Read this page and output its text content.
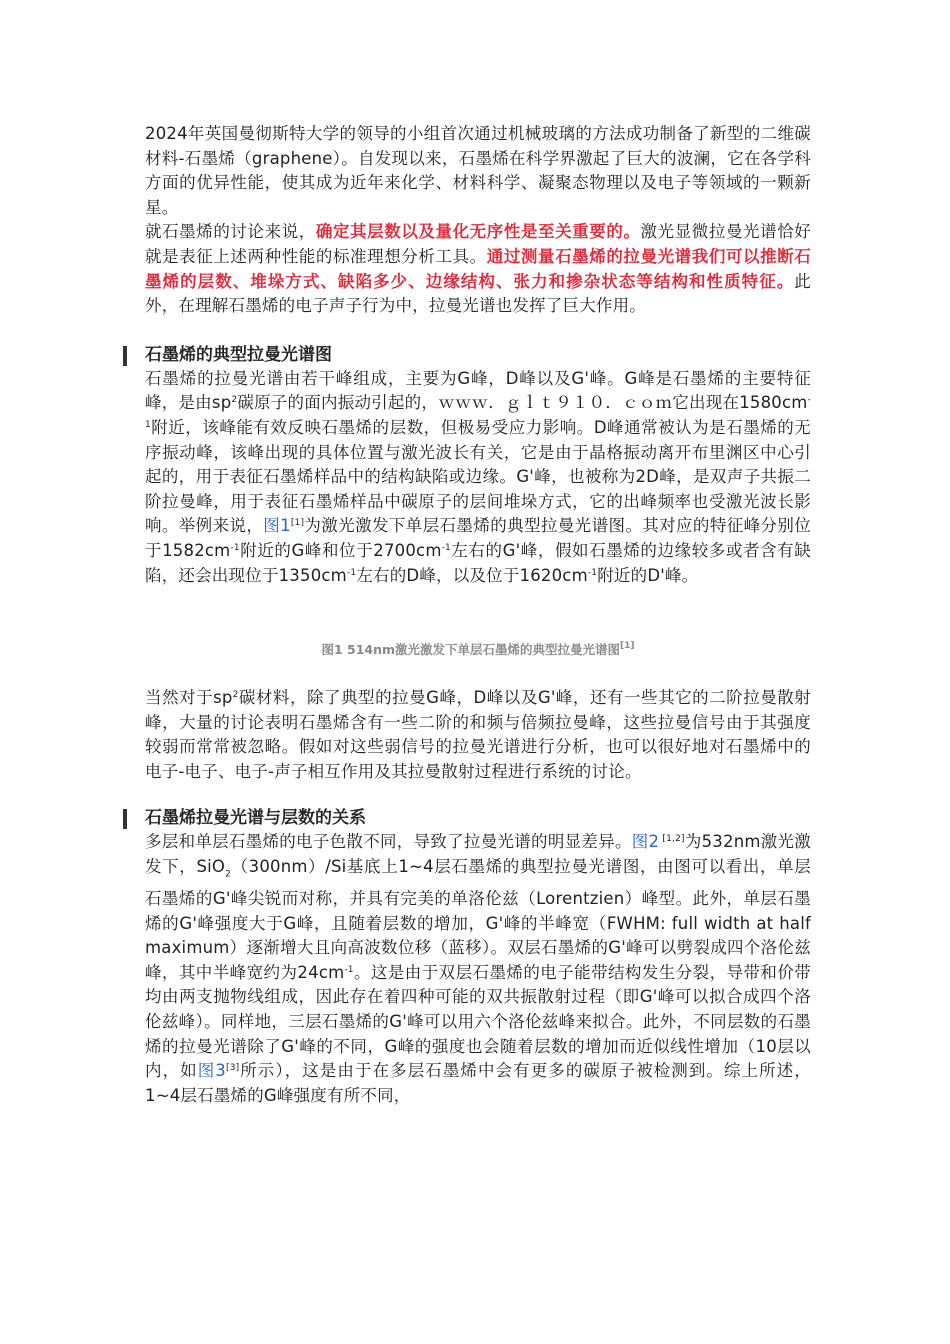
2024年英国曼彻斯特大学的领导的小组首次通过机械玻璃的方法成功制备了新型的二维碳材料-石墨烯（graphene）。自发现以来，石墨烯在科学界激起了巨大的波澜，它在各学科方面的优异性能，使其成为近年来化学、材料科学、凝聚态物理以及电子等领域的一颗新星。

就石墨烯的讨论来说，确定其层数以及量化无序性是至关重要的。激光显微拉曼光谱恰好就是表征上述两种性能的标准理想分析工具。通过测量石墨烯的拉曼光谱我们可以推断石墨烯的层数、堆垛方式、缺陷多少、边缘结构、张力和掺杂状态等结构和性质特征。此外，在理解石墨烯的电子声子行为中，拉曼光谱也发挥了巨大作用。

石墨烯的典型拉曼光谱图

石墨烯的拉曼光谱由若干峰组成，主要为G峰，D峰以及G'峰。G峰是石墨烯的主要特征峰，是由$sp^2$碳原子的面内振动引起的，ｗｗｗ．ｇｌｔ９１０．ｃｏｍ它出现在$1580cm^{-1}$附近，该峰能有效反映石墨烯的层数，但极易受应力影响。D峰通常被认为是石墨烯的无序振动峰，该峰出现的具体位置与激光波长有关，它是由于晶格振动离开布里渊区中心引起的，用于表征石墨烯样品中的结构缺陷或边缘。G'峰，也被称为2D峰，是双声子共振二阶拉曼峰，用于表征石墨烯样品中碳原子的层间堆垛方式，它的出峰频率也受激光波长影响。举例来说，图1[1]为激光激发下单层石墨烯的典型拉曼光谱图。其对应的特征峰分别位于$1582cm^{-1}$附近的G峰和位于$2700cm^{-1}$左右的G'峰，假如石墨烯的边缘较多或者含有缺陷，还会出现位于$1350cm^{-1}$左右的D峰，以及位于$1620cm^{-1}$附近的D'峰。

图1 514nm激光激发下单层石墨烯的典型拉曼光谱图[1]

当然对于$sp^2$碳材料，除了典型的拉曼G峰，D峰以及G'峰，还有一些其它的二阶拉曼散射峰，大量的讨论表明石墨烯含有一些二阶的和频与倍频拉曼峰，这些拉曼信号由于其强度较弱而常常被忽略。假如对这些弱信号的拉曼光谱进行分析，也可以很好地对石墨烯中的电子-电子、电子-声子相互作用及其拉曼散射过程进行系统的讨论。

石墨烯拉曼光谱与层数的关系

多层和单层石墨烯的电子色散不同，导致了拉曼光谱的明显差异。图2 [1,2]为532nm激光激发下，SiO$_2$（300nm）/Si基底上1~4层石墨烯的典型拉曼光谱图，由图可以看出，单层石墨烯的G'峰尖锐而对称，并具有完美的单洛伦兹（Lorentzien）峰型。此外，单层石墨烯的G'峰强度大于G峰，且随着层数的增加，G'峰的半峰宽（FWHM: full width at half maximum）逐渐增大且向高波数位移（蓝移）。双层石墨烯的G'峰可以劈裂成四个洛伦兹峰，其中半峰宽约为$24cm^{-1}$。这是由于双层石墨烯的电子能带结构发生分裂，导带和价带均由两支抛物线组成，因此存在着四种可能的双共振散射过程（即G'峰可以拟合成四个洛伦兹峰）。同样地，三层石墨烯的G'峰可以用六个洛伦兹峰来拟合。此外，不同层数的石墨烯的拉曼光谱除了G'峰的不同，G峰的强度也会随着层数的增加而近似线性增加（10层以内，如图3[3]所示），这是由于在多层石墨烯中会有更多的碳原子被检测到。综上所述，1~4层石墨烯的G峰强度有所不同，
